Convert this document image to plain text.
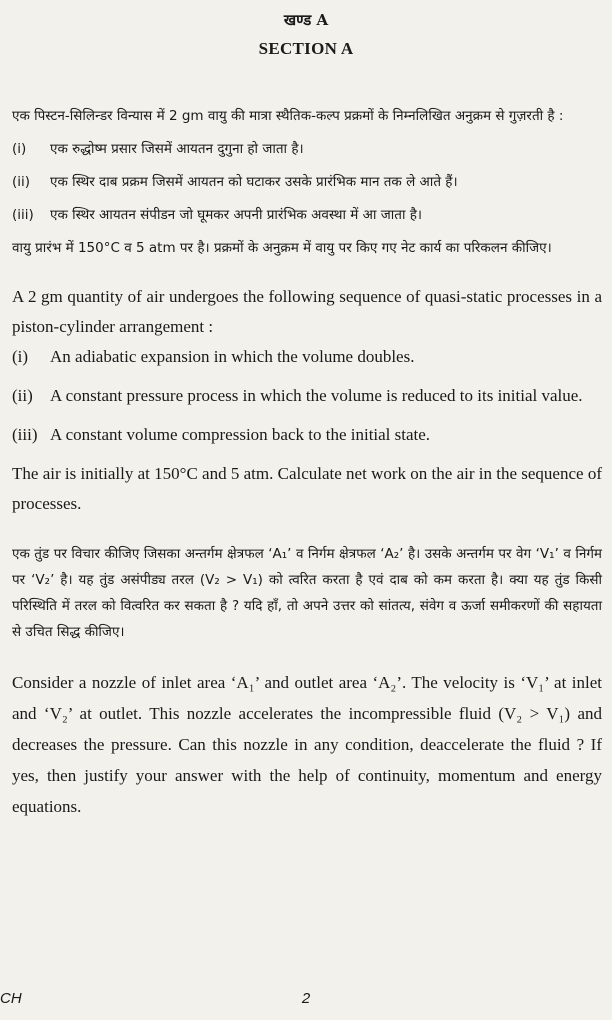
खण्ड A
SECTION A

एक पिस्टन-सिलिन्डर विन्यास में 2 gm वायु की मात्रा स्थैतिक-कल्प प्रक्रमों के निम्नलिखित अनुक्रम से गुज़रती है :

(i)	एक रुद्धोष्म प्रसार जिसमें आयतन दुगुना हो जाता है।
(ii)	एक स्थिर दाब प्रक्रम जिसमें आयतन को घटाकर उसके प्रारंभिक मान तक ले आते हैं।
(iii)	एक स्थिर आयतन संपीडन जो घूमकर अपनी प्रारंभिक अवस्था में आ जाता है।

वायु प्रारंभ में 150°C व 5 atm पर है। प्रक्रमों के अनुक्रम में वायु पर किए गए नेट कार्य का परिकलन कीजिए।

A 2 gm quantity of air undergoes the following sequence of quasi-static processes in a piston-cylinder arrangement :

(i)	An adiabatic expansion in which the volume doubles.
(ii)	A constant pressure process in which the volume is reduced to its initial value.
(iii) A constant volume compression back to the initial state.

The air is initially at 150°C and 5 atm. Calculate net work on the air in the sequence of processes.

एक तुंड पर विचार कीजिए जिसका अन्तर्गम क्षेत्रफल ‘A₁’ व निर्गम क्षेत्रफल ‘A₂’ है। उसके अन्तर्गम पर वेग ‘V₁’ व निर्गम पर ‘V₂’ है। यह तुंड असंपीड्य तरल (V₂ > V₁) को त्वरित करता है एवं दाब को कम करता है। क्या यह तुंड किसी परिस्थिति में तरल को वित्वरित कर सकता है ? यदि हाँ, तो अपने उत्तर को सांतत्य, संवेग व ऊर्जा समीकरणों की सहायता से उचित सिद्ध कीजिए।

Consider a nozzle of inlet area ‘A₁’ and outlet area ‘A₂’. The velocity is ‘V₁’ at inlet and ‘V₂’ at outlet. This nozzle accelerates the incompressible fluid (V₂ > V₁) and decreases the pressure. Can this nozzle in any condition, deaccelerate the fluid ? If yes, then justify your answer with the help of continuity, momentum and energy equations.

CH	2
